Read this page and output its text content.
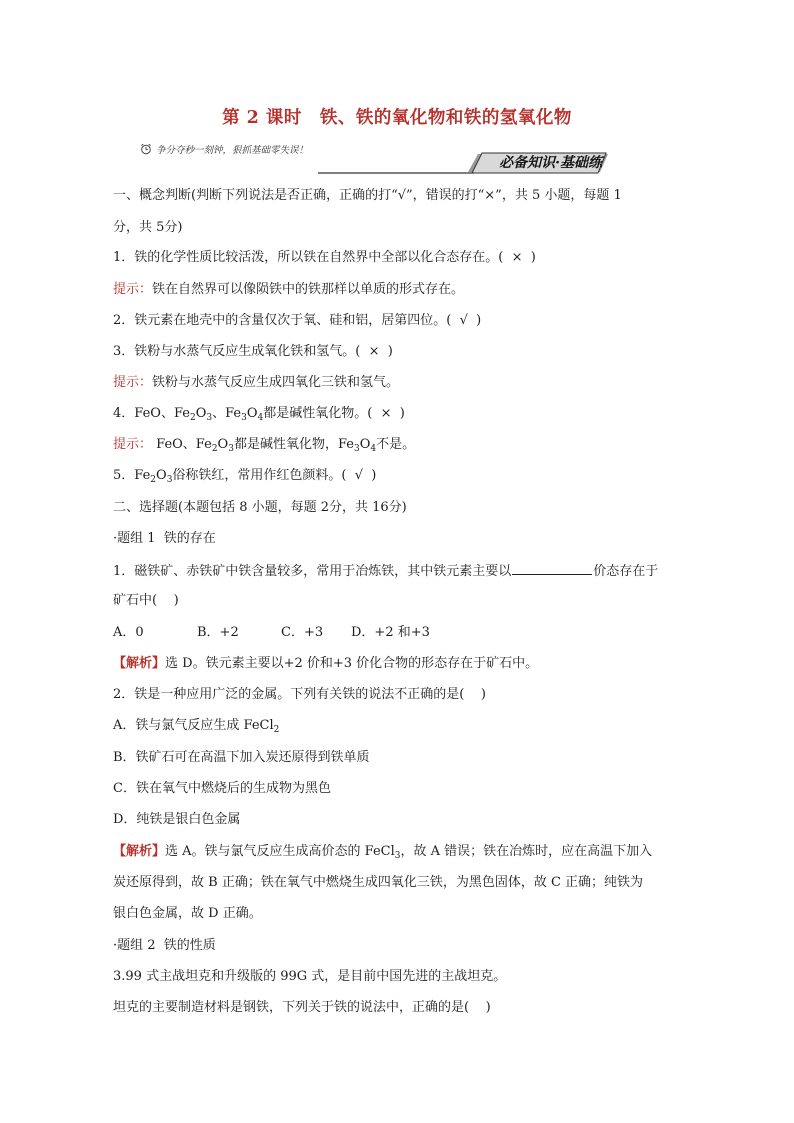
第 2 课时　铁、铁的氧化物和铁的氢氧化物
争分夺秒一刻钟，狠抓基础零失误！
必备知识·基础练
一、概念判断(判断下列说法是否正确，正确的打“√”，错误的打“×”，共 5 小题，每题 1
分，共 5分)
1．铁的化学性质比较活泼，所以铁在自然界中全部以化合态存在。(  ×  )
提示：铁在自然界可以像陨铁中的铁那样以单质的形式存在。
2．铁元素在地壳中的含量仅次于氧、硅和铝，居第四位。(  √  )
3．铁粉与水蒸气反应生成氧化铁和氢气。(  ×  )
提示：铁粉与水蒸气反应生成四氧化三铁和氢气。
4．FeO、$Fe_2O_3$、$Fe_3O_4$都是碱性氧化物。(  ×  )
提示： FeO、$Fe_2O_3$都是碱性氧化物，$Fe_3O_4$不是。
5．$Fe_2O_3$俗称铁红，常用作红色颜料。(  √  )
二、选择题(本题包括 8 小题，每题 2分，共 16分)
·题组 1  铁的存在
1．磁铁矿、赤铁矿中铁含量较多，常用于冶炼铁，其中铁元素主要以	价态存在于
矿石中(    )
A．0	B．+2	C．+3 D．+2 和+3
【解析】选 D。铁元素主要以+2 价和+3 价化合物的形态存在于矿石中。
2．铁是一种应用广泛的金属。下列有关铁的说法不正确的是(    )
A．铁与氯气反应生成 FeCl$_2$
B．铁矿石可在高温下加入炭还原得到铁单质
C．铁在氧气中燃烧后的生成物为黑色
D．纯铁是银白色金属
【解析】选 A。铁与氯气反应生成高价态的 FeCl$_3$，故 A 错误；铁在冶炼时，应在高温下加入
炭还原得到，故 B 正确；铁在氧气中燃烧生成四氧化三铁，为黑色固体，故 C 正确；纯铁为
银白色金属，故 D 正确。
·题组 2  铁的性质
3.99 式主战坦克和升级版的 99G 式，是目前中国先进的主战坦克。
坦克的主要制造材料是钢铁，下列关于铁的说法中，正确的是(    )
